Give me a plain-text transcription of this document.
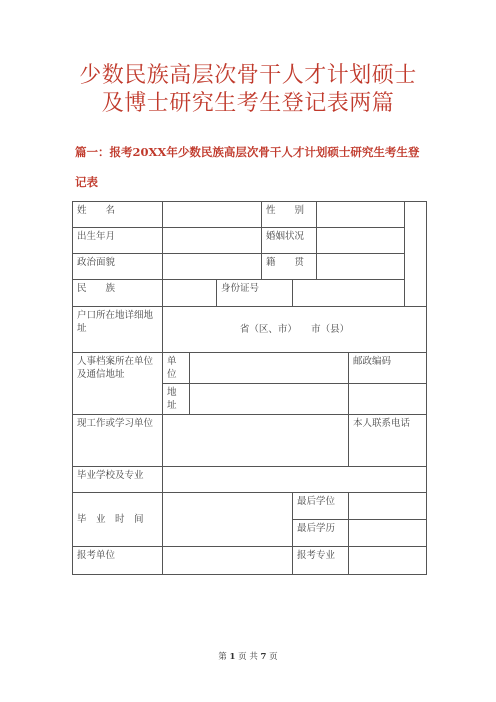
少数民族高层次骨干人才计划硕士
及博士研究生考生登记表两篇
篇一：报考20XX年少数民族高层次骨干人才计划硕士研究生考生登
记表
姓　　名				性　　别				
出生年月				婚姻状况				
政治面貌				籍　　贯				
民　　族			身份证号					
户口所在地详细地址	省（区、市）　　市（县）							
人事档案所在单位及通信地址	单位						邮政编码	
	地址							
现工作或学习单位							本人联系电话	
毕业学校及专业								
毕　业　时　间					最后学位			
					最后学历			
报考单位					报考专业			
第 1 页 共 7 页
